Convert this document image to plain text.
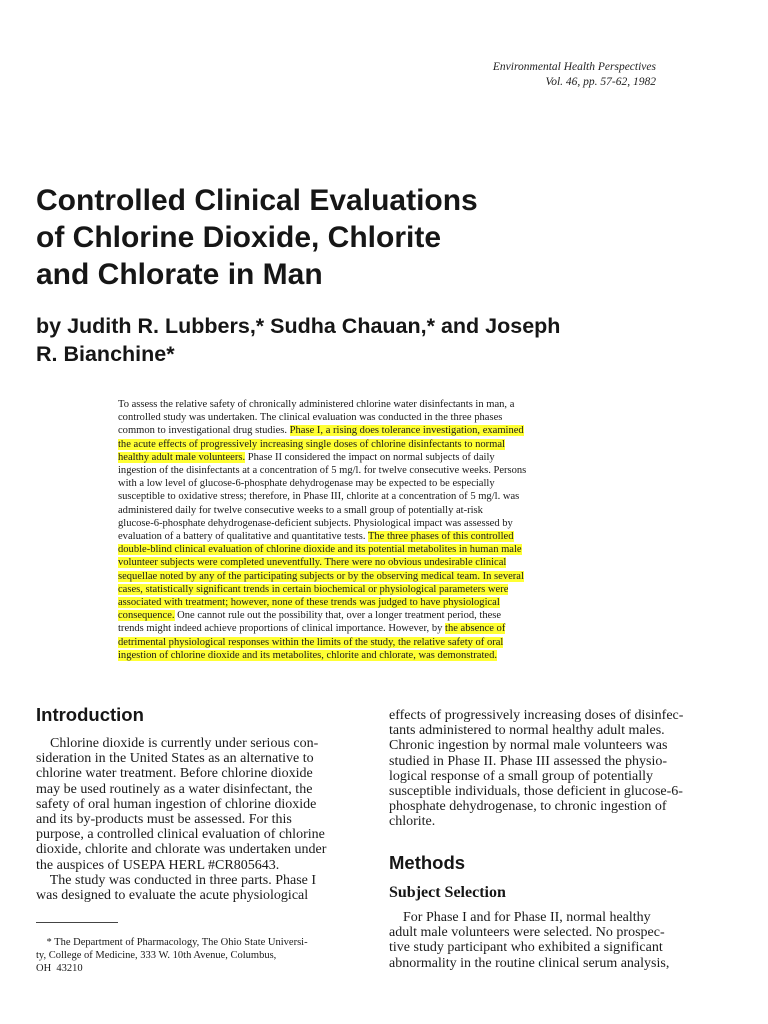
Environmental Health Perspectives
Vol. 46, pp. 57-62, 1982
Controlled Clinical Evaluations
of Chlorine Dioxide, Chlorite
and Chlorate in Man
by Judith R. Lubbers,* Sudha Chauan,* and Joseph
R. Bianchine*
To assess the relative safety of chronically administered chlorine water disinfectants in man, a
controlled study was undertaken. The clinical evaluation was conducted in the three phases
common to investigational drug studies. Phase I, a rising does tolerance investigation, examined
the acute effects of progressively increasing single doses of chlorine disinfectants to normal
healthy adult male volunteers. Phase II considered the impact on normal subjects of daily
ingestion of the disinfectants at a concentration of 5 mg/l. for twelve consecutive weeks. Persons
with a low level of glucose-6-phosphate dehydrogenase may be expected to be especially
susceptible to oxidative stress; therefore, in Phase III, chlorite at a concentration of 5 mg/l. was
administered daily for twelve consecutive weeks to a small group of potentially at-risk
glucose-6-phosphate dehydrogenase-deficient subjects. Physiological impact was assessed by
evaluation of a battery of qualitative and quantitative tests. The three phases of this controlled
double-blind clinical evaluation of chlorine dioxide and its potential metabolites in human male
volunteer subjects were completed uneventfully. There were no obvious undesirable clinical
sequellae noted by any of the participating subjects or by the observing medical team. In several
cases, statistically significant trends in certain biochemical or physiological parameters were
associated with treatment; however, none of these trends was judged to have physiological
consequence. One cannot rule out the possibility that, over a longer treatment period, these
trends might indeed achieve proportions of clinical importance. However, by the absence of
detrimental physiological responses within the limits of the study, the relative safety of oral
ingestion of chlorine dioxide and its metabolites, chlorite and chlorate, was demonstrated.
Introduction
Chlorine dioxide is currently under serious con-
sideration in the United States as an alternative to
chlorine water treatment. Before chlorine dioxide
may be used routinely as a water disinfectant, the
safety of oral human ingestion of chlorine dioxide
and its by-products must be assessed. For this
purpose, a controlled clinical evaluation of chlorine
dioxide, chlorite and chlorate was undertaken under
the auspices of USEPA HERL #CR805643.
The study was conducted in three parts. Phase I
was designed to evaluate the acute physiological
effects of progressively increasing doses of disinfec-
tants administered to normal healthy adult males.
Chronic ingestion by normal male volunteers was
studied in Phase II. Phase III assessed the physio-
logical response of a small group of potentially
susceptible individuals, those deficient in glucose-6-
phosphate dehydrogenase, to chronic ingestion of
chlorite.
Methods
Subject Selection
For Phase I and for Phase II, normal healthy
adult male volunteers were selected. No prospec-
tive study participant who exhibited a significant
abnormality in the routine clinical serum analysis,
* The Department of Pharmacology, The Ohio State Universi-
ty, College of Medicine, 333 W. 10th Avenue, Columbus,
OH  43210
